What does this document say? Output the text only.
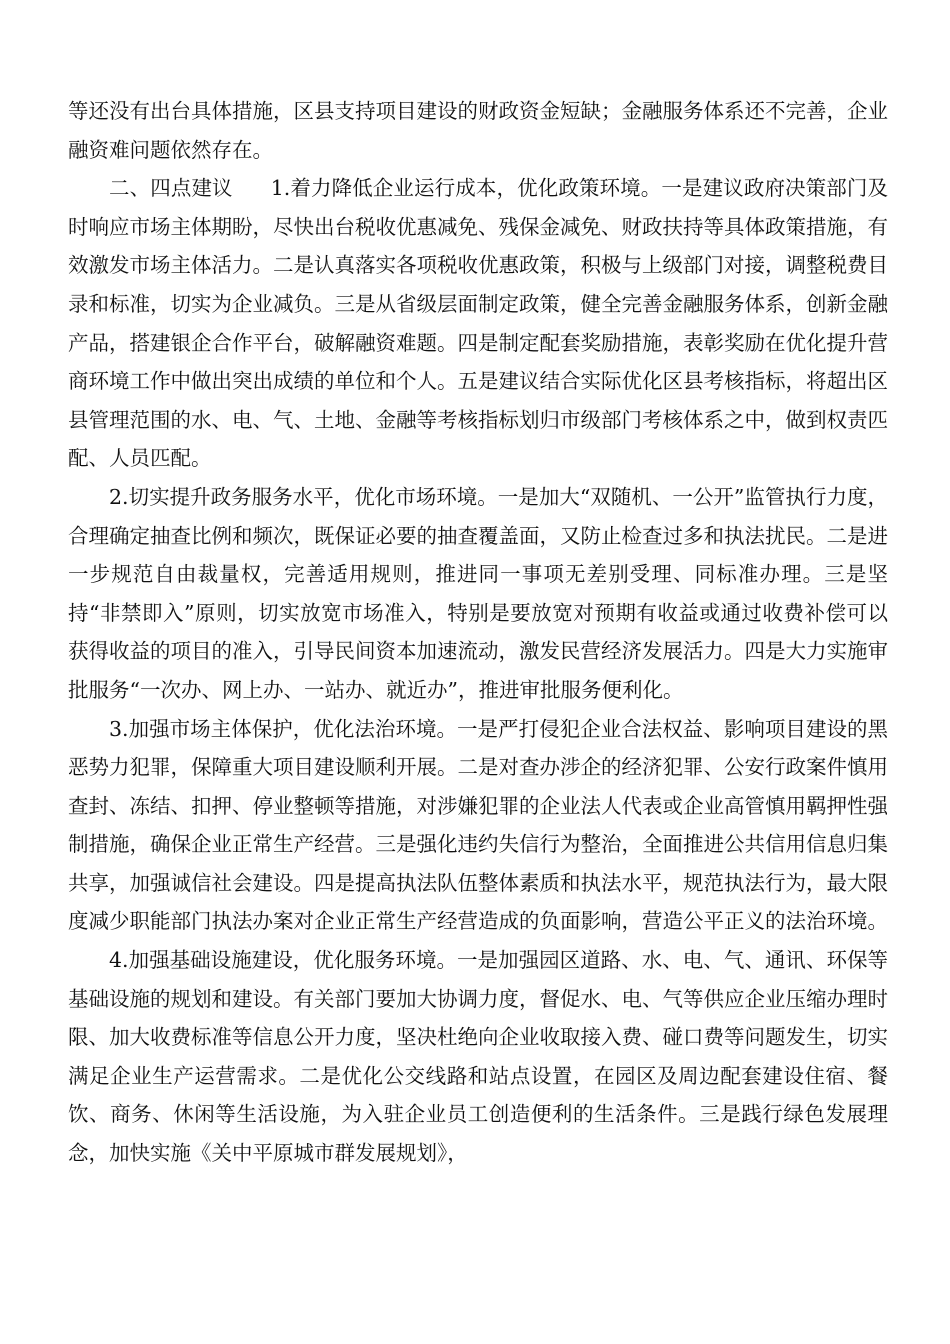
等还没有出台具体措施，区县支持项目建设的财政资金短缺；金融服务体系还不完善，企业融资难问题依然存在。

二、四点建议 1.着力降低企业运行成本，优化政策环境。一是建议政府决策部门及时响应市场主体期盼，尽快出台税收优惠减免、残保金减免、财政扶持等具体政策措施，有效激发市场主体活力。二是认真落实各项税收优惠政策，积极与上级部门对接，调整税费目录和标准，切实为企业减负。三是从省级层面制定政策，健全完善金融服务体系，创新金融产品，搭建银企合作平台，破解融资难题。四是制定配套奖励措施，表彰奖励在优化提升营商环境工作中做出突出成绩的单位和个人。五是建议结合实际优化区县考核指标，将超出区县管理范围的水、电、气、土地、金融等考核指标划归市级部门考核体系之中，做到权责匹配、人员匹配。

2.切实提升政务服务水平，优化市场环境。一是加大“双随机、一公开”监管执行力度，合理确定抽查比例和频次，既保证必要的抽查覆盖面，又防止检查过多和执法扰民。二是进一步规范自由裁量权，完善适用规则，推进同一事项无差别受理、同标准办理。三是坚持“非禁即入”原则，切实放宽市场准入，特别是要放宽对预期有收益或通过收费补偿可以获得收益的项目的准入，引导民间资本加速流动，激发民营经济发展活力。四是大力实施审批服务“一次办、网上办、一站办、就近办”，推进审批服务便利化。

3.加强市场主体保护，优化法治环境。一是严打侵犯企业合法权益、影响项目建设的黑恶势力犯罪，保障重大项目建设顺利开展。二是对查办涉企的经济犯罪、公安行政案件慎用查封、冻结、扣押、停业整顿等措施，对涉嫌犯罪的企业法人代表或企业高管慎用羁押性强制措施，确保企业正常生产经营。三是强化违约失信行为整治，全面推进公共信用信息归集共享，加强诚信社会建设。四是提高执法队伍整体素质和执法水平，规范执法行为，最大限度减少职能部门执法办案对企业正常生产经营造成的负面影响，营造公平正义的法治环境。

4.加强基础设施建设，优化服务环境。一是加强园区道路、水、电、气、通讯、环保等基础设施的规划和建设。有关部门要加大协调力度，督促水、电、气等供应企业压缩办理时限、加大收费标准等信息公开力度，坚决杜绝向企业收取接入费、碰口费等问题发生，切实满足企业生产运营需求。二是优化公交线路和站点设置，在园区及周边配套建设住宿、餐饮、商务、休闲等生活设施，为入驻企业员工创造便利的生活条件。三是践行绿色发展理念，加快实施《关中平原城市群发展规划》，
